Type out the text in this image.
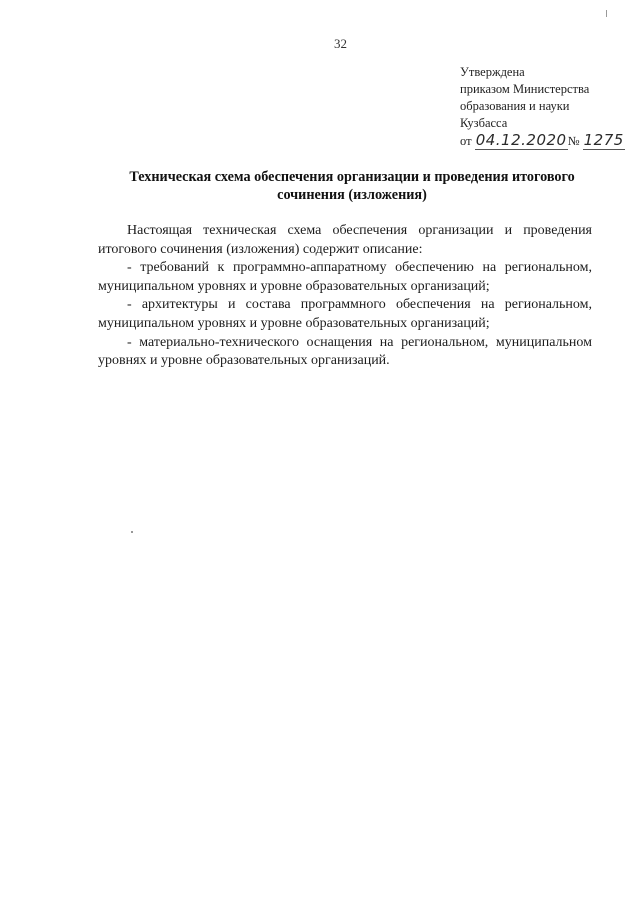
32
Утверждена
приказом Министерства
образования и науки
Кузбасса
от 04.12.2020№ 1275
Техническая схема обеспечения организации и проведения итогового сочинения (изложения)

Настоящая техническая схема обеспечения организации и проведения итогового сочинения (изложения) содержит описание:

- требований к программно-аппаратному обеспечению на региональном, муниципальном уровнях и уровне образовательных организаций;

- архитектуры и состава программного обеспечения на региональном, муниципальном уровнях и уровне образовательных организаций;

- материально-технического оснащения на региональном, муниципальном уровнях и уровне образовательных организаций.
